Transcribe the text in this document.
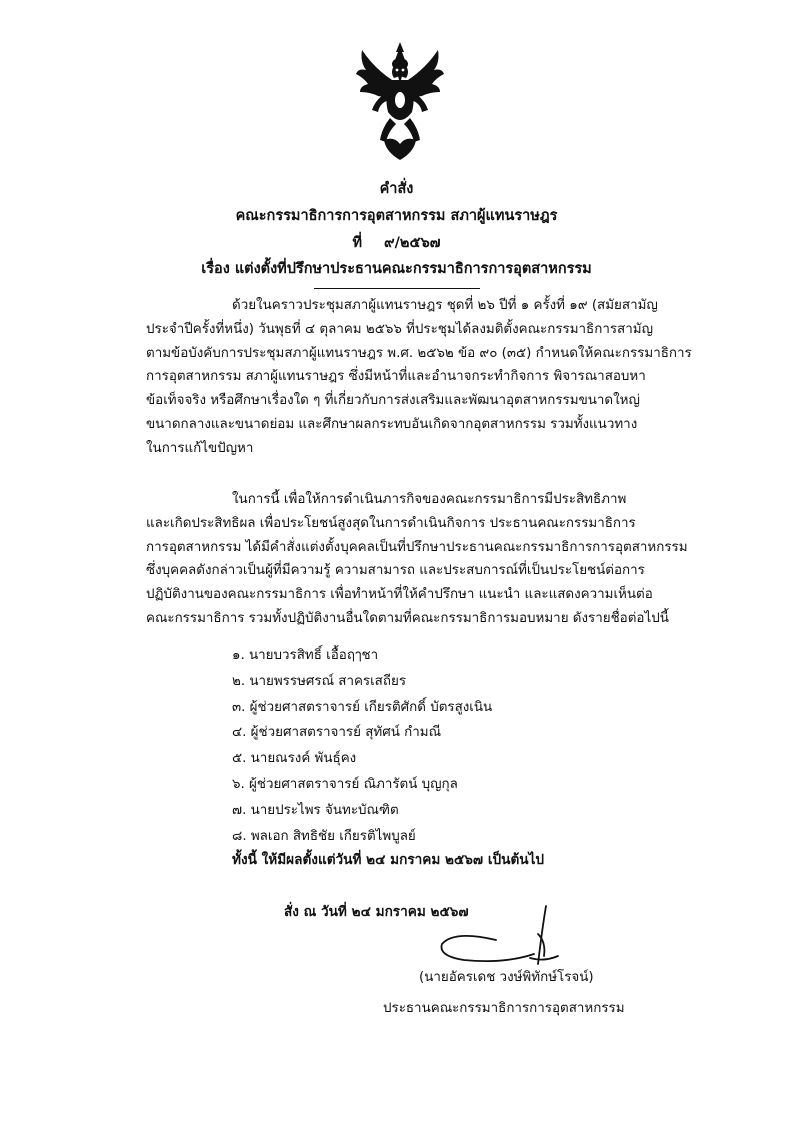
คำสั่ง
คณะกรรมาธิการการอุตสาหกรรม สภาผู้แทนราษฎร
ที่ ๙/๒๕๖๗
เรื่อง แต่งตั้งที่ปรึกษาประธานคณะกรรมาธิการการอุตสาหกรรม
ด้วยในคราวประชุมสภาผู้แทนราษฎร ชุดที่ ๒๖ ปีที่ ๑ ครั้งที่ ๑๙ (สมัยสามัญ
ประจำปีครั้งที่หนึ่ง) วันพุธที่ ๔ ตุลาคม ๒๕๖๖ ที่ประชุมได้ลงมติตั้งคณะกรรมาธิการสามัญ
ตามข้อบังคับการประชุมสภาผู้แทนราษฎร พ.ศ. ๒๕๖๒ ข้อ ๙๐ (๓๕) กำหนดให้คณะกรรมาธิการ
การอุตสาหกรรม สภาผู้แทนราษฎร ซึ่งมีหน้าที่และอำนาจกระทำกิจการ พิจารณาสอบหา
ข้อเท็จจริง หรือศึกษาเรื่องใด ๆ ที่เกี่ยวกับการส่งเสริมและพัฒนาอุตสาหกรรมขนาดใหญ่
ขนาดกลางและขนาดย่อม และศึกษาผลกระทบอันเกิดจากอุตสาหกรรม รวมทั้งแนวทาง
ในการแก้ไขปัญหา
ในการนี้ เพื่อให้การดำเนินภารกิจของคณะกรรมาธิการมีประสิทธิภาพ
และเกิดประสิทธิผล เพื่อประโยชน์สูงสุดในการดำเนินกิจการ ประธานคณะกรรมาธิการ
การอุตสาหกรรม ได้มีคำสั่งแต่งตั้งบุคคลเป็นที่ปรึกษาประธานคณะกรรมาธิการการอุตสาหกรรม
ซึ่งบุคคลดังกล่าวเป็นผู้ที่มีความรู้ ความสามารถ และประสบการณ์ที่เป็นประโยชน์ต่อการ
ปฏิบัติงานของคณะกรรมาธิการ เพื่อทำหน้าที่ให้คำปรึกษา แนะนำ และแสดงความเห็นต่อ
คณะกรรมาธิการ รวมทั้งปฏิบัติงานอื่นใดตามที่คณะกรรมาธิการมอบหมาย ดังรายชื่อต่อไปนี้
๑. นายบวรสิทธิ์ เอื้อฤๅชา
๒. นายพรรษศรณ์ สาครเสถียร
๓. ผู้ช่วยศาสตราจารย์ เกียรติศักดิ์ บัตรสูงเนิน
๔. ผู้ช่วยศาสตราจารย์ สุทัศน์ กำมณี
๕. นายณรงค์ พันธุ์คง
๖. ผู้ช่วยศาสตราจารย์ ณิภารัตน์ บุญกุล
๗. นายประไพร จันทะบัณฑิต
๘. พลเอก สิทธิชัย เกียรติไพบูลย์
ทั้งนี้ ให้มีผลตั้งแต่วันที่ ๒๔ มกราคม ๒๕๖๗ เป็นต้นไป
สั่ง ณ วันที่ ๒๔ มกราคม ๒๕๖๗
(นายอัครเดช วงษ์พิทักษ์โรจน์)
ประธานคณะกรรมาธิการการอุตสาหกรรม
